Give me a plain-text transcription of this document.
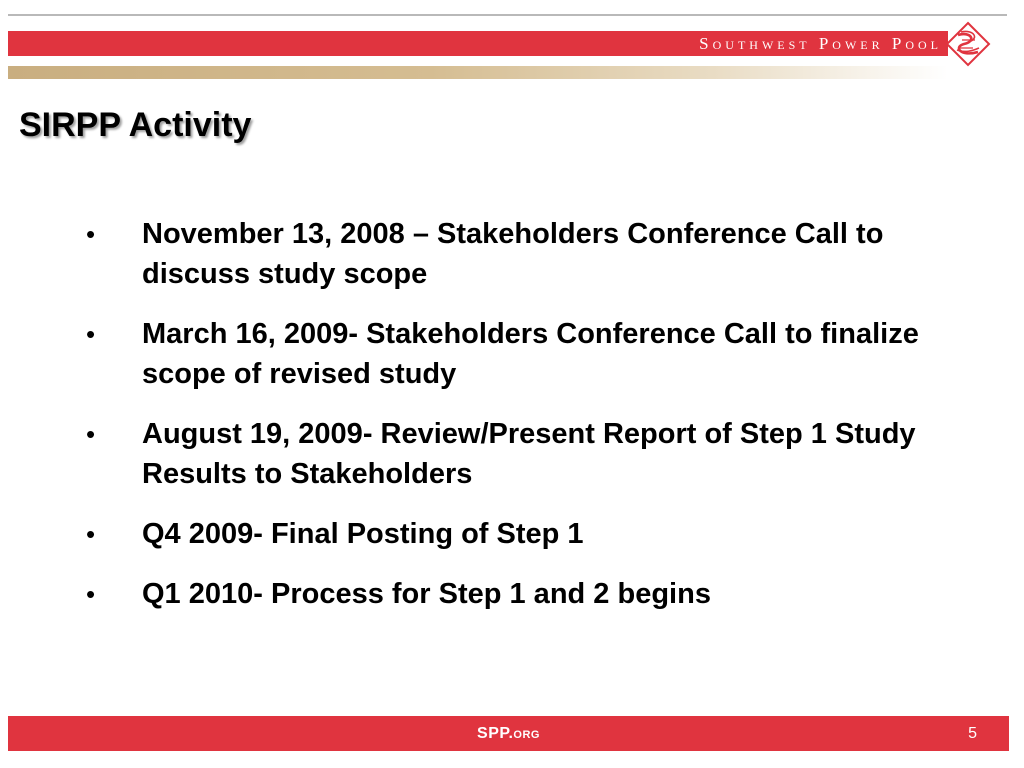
Southwest Power Pool
SIRPP Activity
•	November 13, 2008 – Stakeholders Conference Call to discuss study scope
•	March 16, 2009- Stakeholders Conference Call to finalize scope of revised study
•	August 19, 2009- Review/Present Report of Step 1 Study Results to Stakeholders
•	Q4 2009- Final Posting of Step 1
•	Q1 2010- Process for Step 1 and 2 begins
SPP.org	5
